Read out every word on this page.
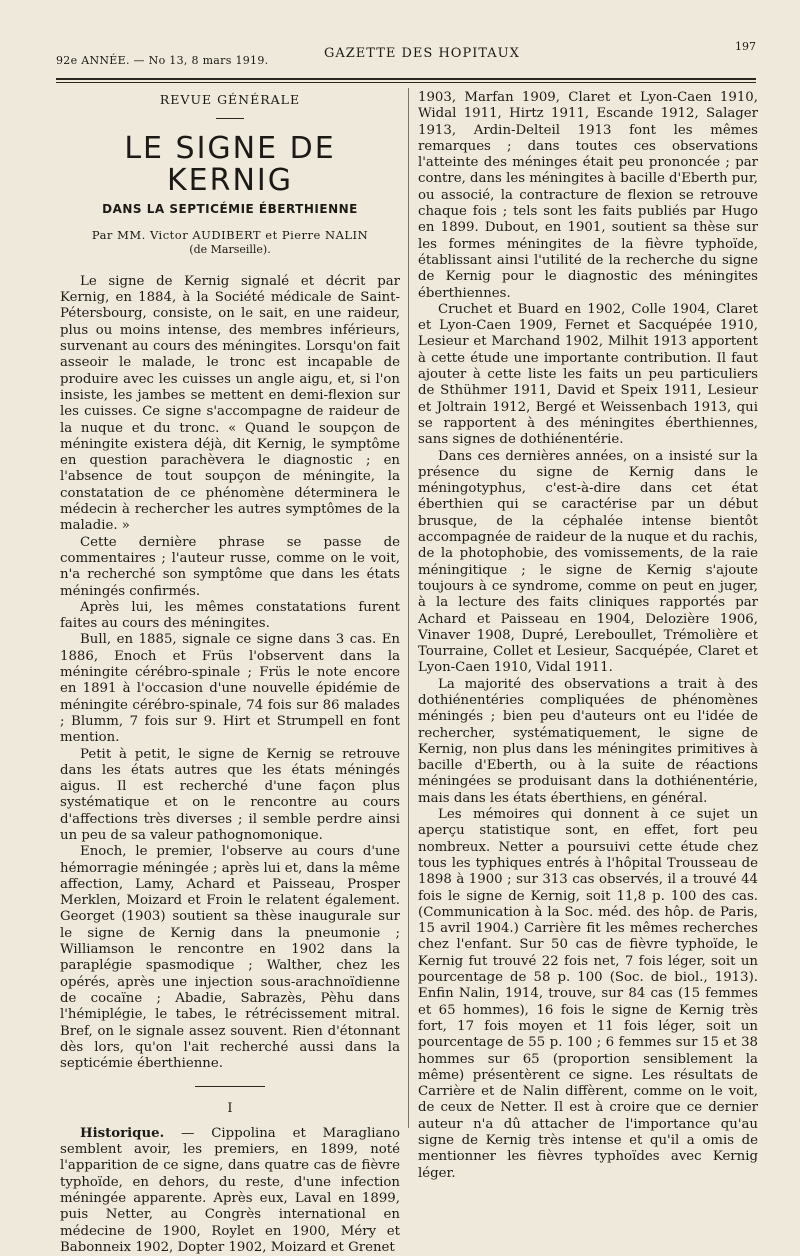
92e ANNÉE. — No 13, 8 mars 1919.	GAZETTE DES HOPITAUX	197
REVUE GÉNÉRALE
LE SIGNE DE KERNIG
DANS LA SEPTICÉMIE ÉBERTHIENNE
Par MM. Victor AUDIBERT et Pierre NALIN
(de Marseille).

Le signe de Kernig signalé et décrit par Kernig, en 1884, à la Société médicale de Saint-Pétersbourg, consiste, on le sait, en une raideur, plus ou moins intense, des membres inférieurs, survenant au cours des méningites. Lorsqu'on fait asseoir le malade, le tronc est incapable de produire avec les cuisses un angle aigu, et, si l'on insiste, les jambes se mettent en demi-flexion sur les cuisses. Ce signe s'accompagne de raideur de la nuque et du tronc. « Quand le soupçon de méningite existera déjà, dit Kernig, le symptôme en question parachèvera le diagnostic ; en l'absence de tout soupçon de méningite, la constatation de ce phénomène déterminera le médecin à rechercher les autres symptômes de la maladie. »

Cette dernière phrase se passe de commentaires ; l'auteur russe, comme on le voit, n'a recherché son symptôme que dans les états méningés confirmés.

Après lui, les mêmes constatations furent faites au cours des méningites.

Bull, en 1885, signale ce signe dans 3 cas. En 1886, Enoch et Früs l'observent dans la méningite cérébro-spinale ; Früs le note encore en 1891 à l'occasion d'une nouvelle épidémie de méningite cérébro-spinale, 74 fois sur 86 malades ; Blumm, 7 fois sur 9. Hirt et Strumpell en font mention.

Petit à petit, le signe de Kernig se retrouve dans les états autres que les états méningés aigus. Il est recherché d'une façon plus systématique et on le rencontre au cours d'affections très diverses ; il semble perdre ainsi un peu de sa valeur pathognomonique.

Enoch, le premier, l'observe au cours d'une hémorragie méningée ; après lui et, dans la même affection, Lamy, Achard et Paisseau, Prosper Merklen, Moizard et Froin le relatent également. Georget (1903) soutient sa thèse inaugurale sur le signe de Kernig dans la pneumonie ; Williamson le rencontre en 1902 dans la paraplégie spasmodique ; Walther, chez les opérés, après une injection sous-arachnoïdienne de cocaïne ; Abadie, Sabrazès, Pèhu dans l'hémiplégie, le tabes, le rétrécissement mitral. Bref, on le signale assez souvent. Rien d'étonnant dès lors, qu'on l'ait recherché aussi dans la septicémie éberthienne.

I

Historique. — Cippolina et Maragliano semblent avoir, les premiers, en 1899, noté l'apparition de ce signe, dans quatre cas de fièvre typhoïde, en dehors, du reste, d'une infection méningée apparente. Après eux, Laval en 1899, puis Netter, au Congrès international en médecine de 1900, Roylet en 1900, Méry et Babonneix 1902, Dopter 1902, Moizard et Grenet

1903, Marfan 1909, Claret et Lyon-Caen 1910, Widal 1911, Hirtz 1911, Escande 1912, Salager 1913, Ardin-Delteil 1913 font les mêmes remarques ; dans toutes ces observations l'atteinte des méninges était peu prononcée ; par contre, dans les méningites à bacille d'Eberth pur, ou associé, la contracture de flexion se retrouve chaque fois ; tels sont les faits publiés par Hugo en 1899. Dubout, en 1901, soutient sa thèse sur les formes méningites de la fièvre typhoïde, établissant ainsi l'utilité de la recherche du signe de Kernig pour le diagnostic des méningites éberthiennes.

Cruchet et Buard en 1902, Colle 1904, Claret et Lyon-Caen 1909, Fernet et Sacquépée 1910, Lesieur et Marchand 1902, Milhit 1913 apportent à cette étude une importante contribution. Il faut ajouter à cette liste les faits un peu particuliers de Sthühmer 1911, David et Speix 1911, Lesieur et Joltrain 1912, Bergé et Weissenbach 1913, qui se rapportent à des méningites éberthiennes, sans signes de dothiénentérie.

Dans ces dernières années, on a insisté sur la présence du signe de Kernig dans le méningotyphus, c'est-à-dire dans cet état éberthien qui se caractérise par un début brusque, de la céphalée intense bientôt accompagnée de raideur de la nuque et du rachis, de la photophobie, des vomissements, de la raie méningitique ; le signe de Kernig s'ajoute toujours à ce syndrome, comme on peut en juger, à la lecture des faits cliniques rapportés par Achard et Paisseau en 1904, Delozière 1906, Vinaver 1908, Dupré, Lereboullet, Trémolière et Tourraine, Collet et Lesieur, Sacquépée, Claret et Lyon-Caen 1910, Vidal 1911.

La majorité des observations a trait à des dothiénentéries compliquées de phénomènes méningés ; bien peu d'auteurs ont eu l'idée de rechercher, systématiquement, le signe de Kernig, non plus dans les méningites primitives à bacille d'Eberth, ou à la suite de réactions méningées se produisant dans la dothiénentérie, mais dans les états éberthiens, en général.

Les mémoires qui donnent à ce sujet un aperçu statistique sont, en effet, fort peu nombreux. Netter a poursuivi cette étude chez tous les typhiques entrés à l'hôpital Trousseau de 1898 à 1900 ; sur 313 cas observés, il a trouvé 44 fois le signe de Kernig, soit 11,8 p. 100 des cas. (Communication à la Soc. méd. des hôp. de Paris, 15 avril 1904.) Carrière fit les mêmes recherches chez l'enfant. Sur 50 cas de fièvre typhoïde, le Kernig fut trouvé 22 fois net, 7 fois léger, soit un pourcentage de 58 p. 100 (Soc. de biol., 1913). Enfin Nalin, 1914, trouve, sur 84 cas (15 femmes et 65 hommes), 16 fois le signe de Kernig très fort, 17 fois moyen et 11 fois léger, soit un pourcentage de 55 p. 100 ; 6 femmes sur 15 et 38 hommes sur 65 (proportion sensiblement la même) présentèrent ce signe. Les résultats de Carrière et de Nalin diffèrent, comme on le voit, de ceux de Netter. Il est à croire que ce dernier auteur n'a dû attacher de l'importance qu'au signe de Kernig très intense et qu'il a omis de mentionner les fièvres typhoïdes avec Kernig léger.
